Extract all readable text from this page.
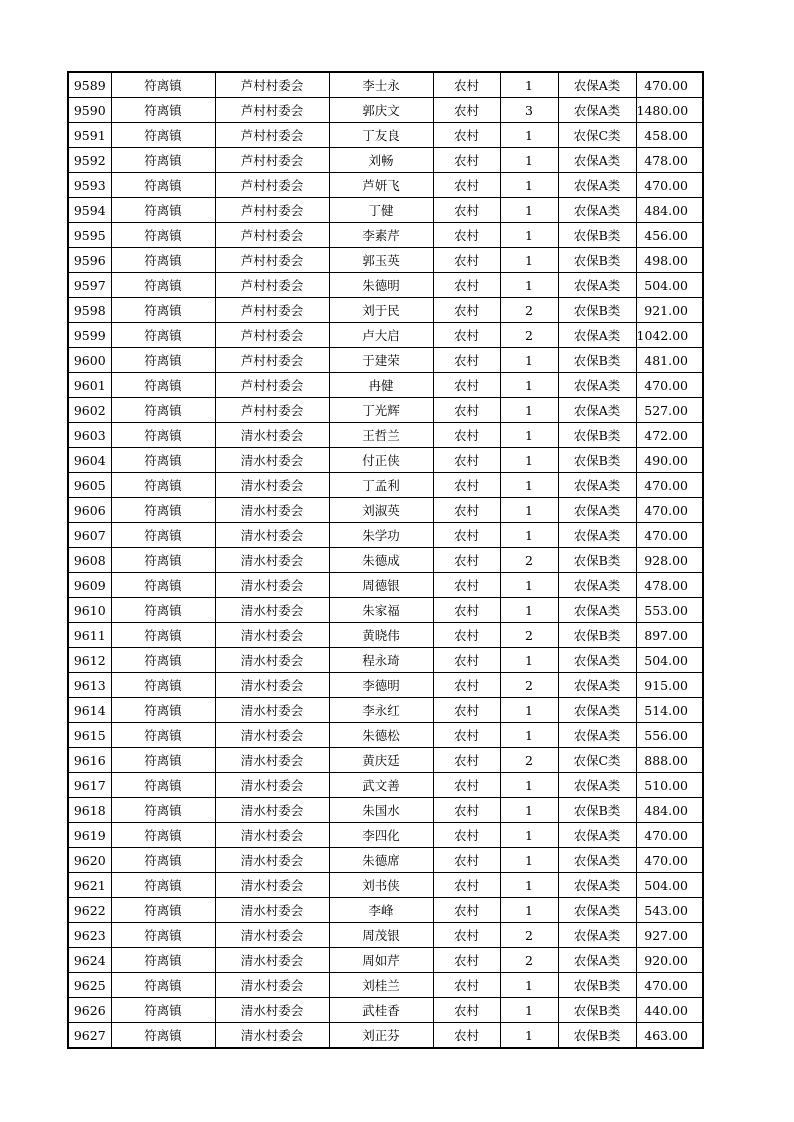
9589	符离镇	芦村村委会	李士永	农村	1	农保A类	470.00
9590	符离镇	芦村村委会	郭庆文	农村	3	农保A类	1480.00
9591	符离镇	芦村村委会	丁友良	农村	1	农保C类	458.00
9592	符离镇	芦村村委会	刘畅	农村	1	农保A类	478.00
9593	符离镇	芦村村委会	芦妍飞	农村	1	农保A类	470.00
9594	符离镇	芦村村委会	丁健	农村	1	农保A类	484.00
9595	符离镇	芦村村委会	李素芹	农村	1	农保B类	456.00
9596	符离镇	芦村村委会	郭玉英	农村	1	农保B类	498.00
9597	符离镇	芦村村委会	朱德明	农村	1	农保A类	504.00
9598	符离镇	芦村村委会	刘于民	农村	2	农保B类	921.00
9599	符离镇	芦村村委会	卢大启	农村	2	农保A类	1042.00
9600	符离镇	芦村村委会	于建荣	农村	1	农保B类	481.00
9601	符离镇	芦村村委会	冉健	农村	1	农保A类	470.00
9602	符离镇	芦村村委会	丁光辉	农村	1	农保A类	527.00
9603	符离镇	清水村委会	王哲兰	农村	1	农保B类	472.00
9604	符离镇	清水村委会	付正侠	农村	1	农保B类	490.00
9605	符离镇	清水村委会	丁孟利	农村	1	农保A类	470.00
9606	符离镇	清水村委会	刘淑英	农村	1	农保A类	470.00
9607	符离镇	清水村委会	朱学功	农村	1	农保A类	470.00
9608	符离镇	清水村委会	朱德成	农村	2	农保B类	928.00
9609	符离镇	清水村委会	周德银	农村	1	农保A类	478.00
9610	符离镇	清水村委会	朱家福	农村	1	农保A类	553.00
9611	符离镇	清水村委会	黄晓伟	农村	2	农保B类	897.00
9612	符离镇	清水村委会	程永琦	农村	1	农保A类	504.00
9613	符离镇	清水村委会	李德明	农村	2	农保A类	915.00
9614	符离镇	清水村委会	李永红	农村	1	农保A类	514.00
9615	符离镇	清水村委会	朱德松	农村	1	农保A类	556.00
9616	符离镇	清水村委会	黄庆廷	农村	2	农保C类	888.00
9617	符离镇	清水村委会	武文善	农村	1	农保A类	510.00
9618	符离镇	清水村委会	朱国水	农村	1	农保B类	484.00
9619	符离镇	清水村委会	李四化	农村	1	农保A类	470.00
9620	符离镇	清水村委会	朱德席	农村	1	农保A类	470.00
9621	符离镇	清水村委会	刘书侠	农村	1	农保A类	504.00
9622	符离镇	清水村委会	李峰	农村	1	农保A类	543.00
9623	符离镇	清水村委会	周茂银	农村	2	农保A类	927.00
9624	符离镇	清水村委会	周如芹	农村	2	农保A类	920.00
9625	符离镇	清水村委会	刘桂兰	农村	1	农保B类	470.00
9626	符离镇	清水村委会	武桂香	农村	1	农保B类	440.00
9627	符离镇	清水村委会	刘正芬	农村	1	农保B类	463.00
